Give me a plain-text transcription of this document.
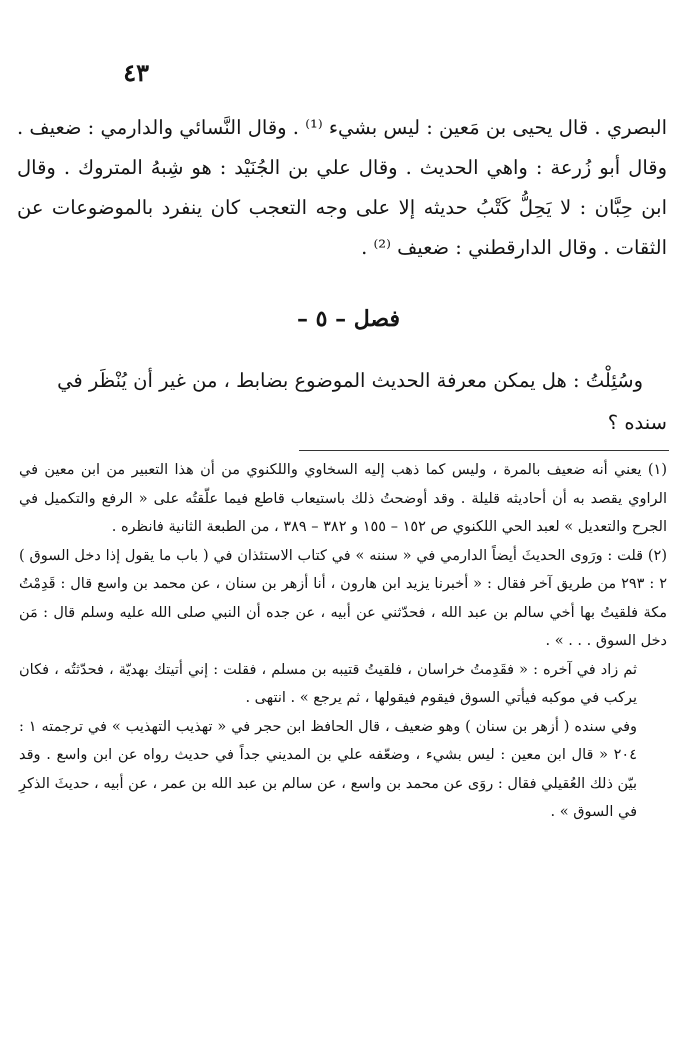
٤٣

البصري . قال يحيى بن مَعين : ليس بشيء ⁽¹⁾ . وقال النَّسائي والدارمي : ضعيف . وقال أبو زُرعة : واهي الحديث . وقال علي بن الجُنَيْد : هو شِبهُ المتروك . وقال ابن حِبَّان : لا يَحِلُّ كَتْبُ حديثه إلا على وجه التعجب كان ينفرد بالموضوعات عن الثقات . وقال الدارقطني : ضعيف ⁽²⁾ .

فصل – ٥ –

وسُئِلْتُ : هل يمكن معرفة الحديث الموضوع بضابط ، من غير أن يُنْظَر في سنده ؟

(١) يعني أنه ضعيف بالمرة ، وليس كما ذهب إليه السخاوي واللكنوي من أن هذا التعبير من ابن معين في الراوي يقصد به أن أحاديثه قليلة . وقد أوضحتُ ذلك باستيعاب قاطع فيما علّقتُه على « الرفع والتكميل في الجرح والتعديل » لعبد الحي اللكنوي ص ١٥٢ – ١٥٥ و ٣٨٢ – ٣٨٩ ، من الطبعة الثانية فانظره .

(٢) قلت : ورَوى الحديثَ أيضاً الدارمي في « سننه » في كتاب الاستئذان في ( باب ما يقول إذا دخل السوق ) ٢ : ٢٩٣ من طريق آخر فقال : « أخبرنا يزيد ابن هارون ، أنا أزهر بن سنان ، عن محمد بن واسع قال : قَدِمْتُ مكة فلقيتُ بها أخي سالم بن عبد الله ، فحدّثني عن أبيه ، عن جده أن النبي صلى الله عليه وسلم قال : مَن دخل السوق . . . » .

ثم زاد في آخره : « فقَدِمتُ خراسان ، فلقيتُ قتيبه بن مسلم ، فقلت : إني أتيتك بهديّة ، فحدّثتُه ، فكان يركب في موكبه فيأتي السوق فيقوم فيقولها ، ثم يرجع » . انتهى .

وفي سنده ( أزهر بن سنان ) وهو ضعيف ، قال الحافظ ابن حجر في « تهذيب التهذيب » في ترجمته ١ : ٢٠٤ « قال ابن معين : ليس بشيء ، وضعّفه علي بن المديني جداً في حديث رواه عن ابن واسع . وقد بيّن ذلك العُقيلي فقال : روَى عن محمد بن واسع ، عن سالم بن عبد الله بن عمر ، عن أبيه ، حديثَ الذكرِ في السوق » .
